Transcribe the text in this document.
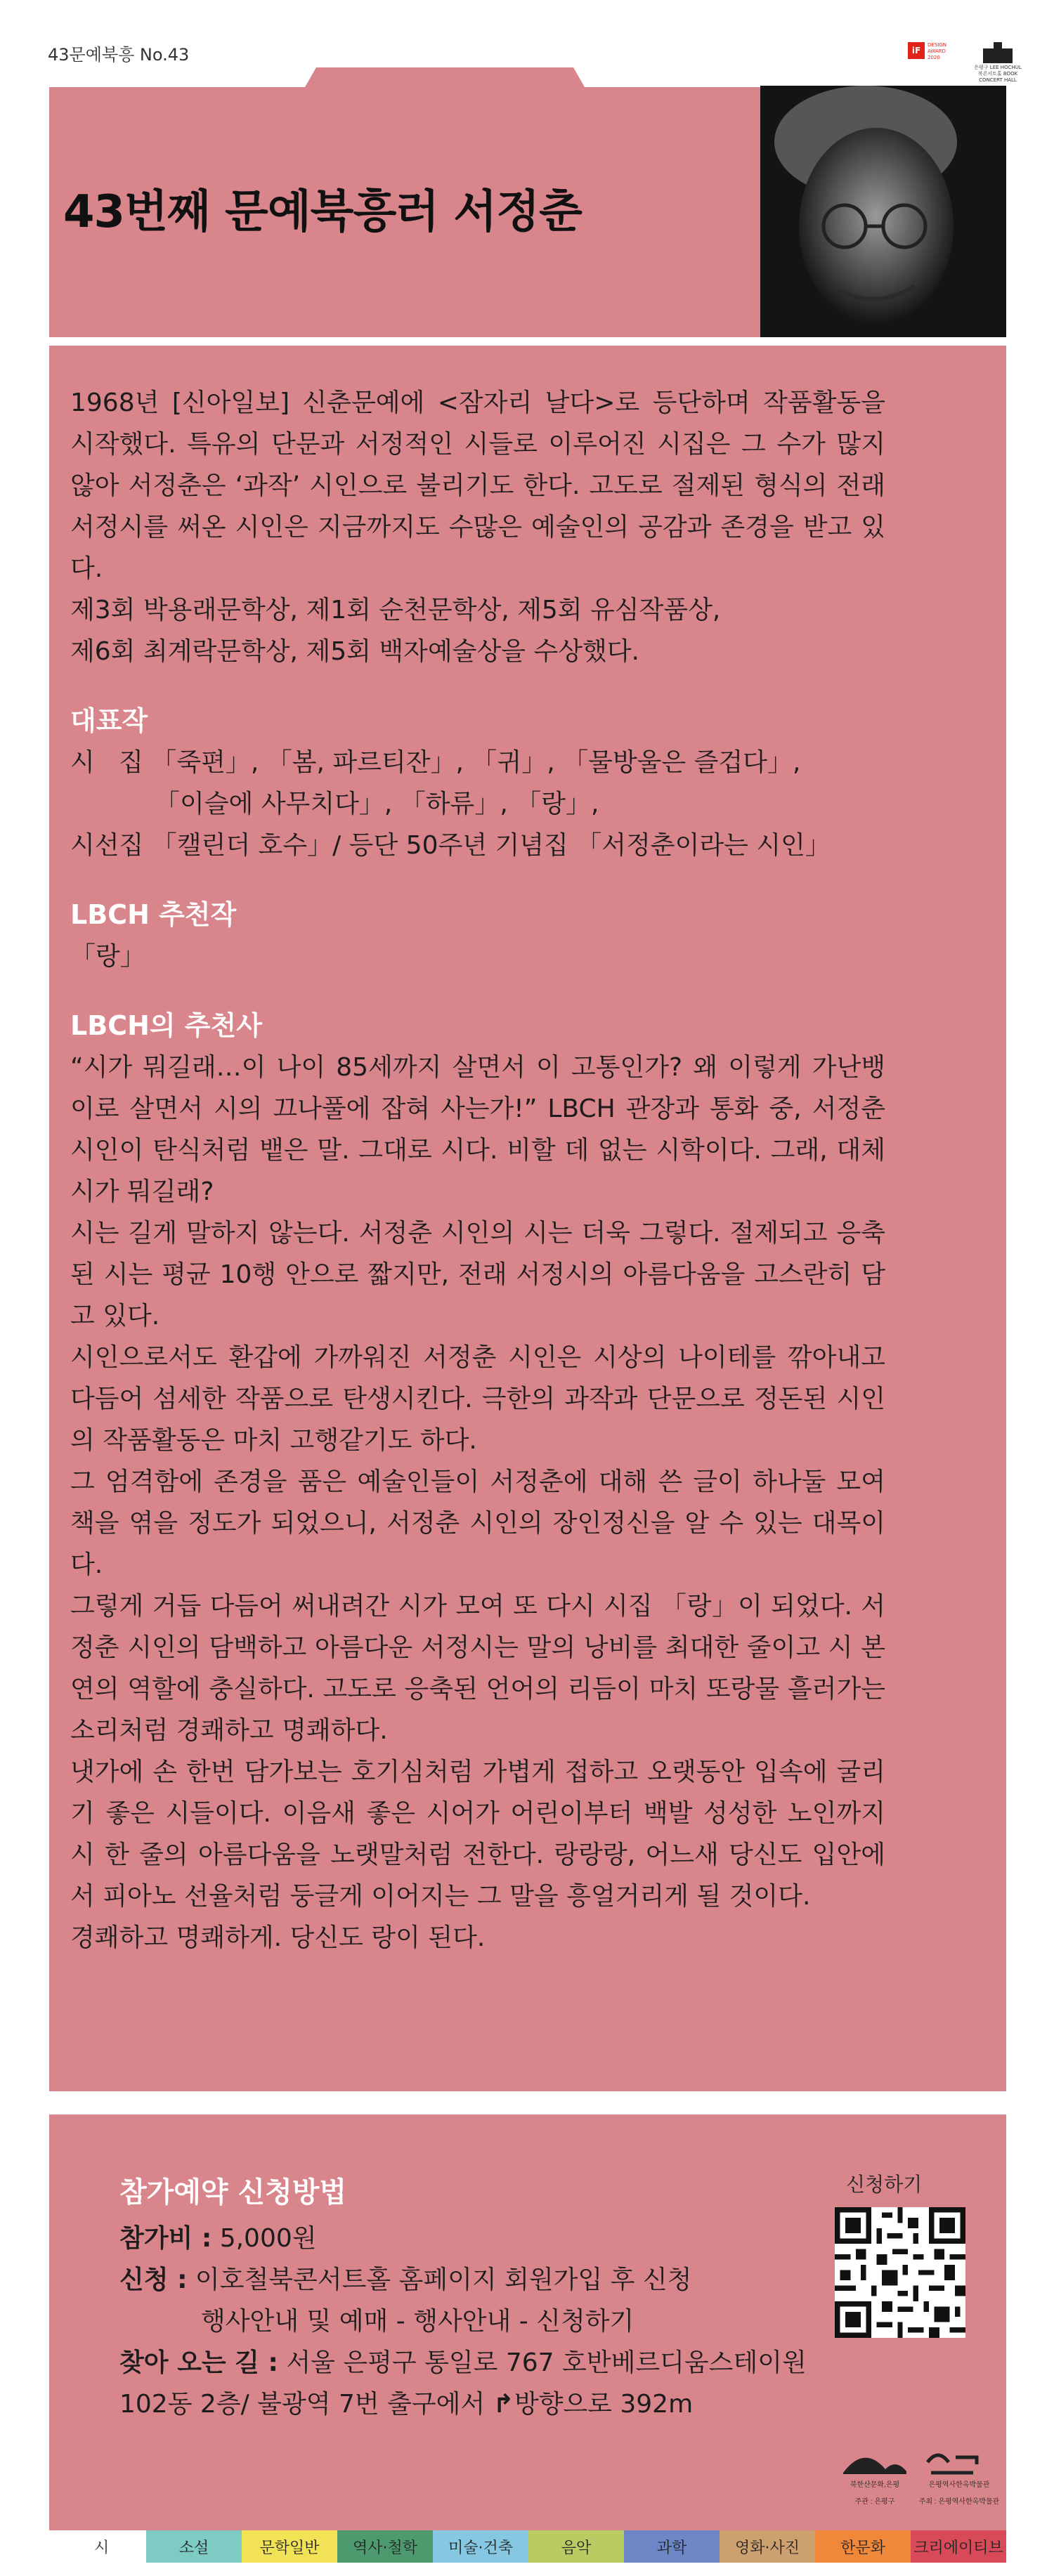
43문예북흥 No.43	iF
DESIGN
AWARD
2020
은평구 LEE HOCHUL
북콘서트홀 BOOK CONCERT HALL
43번째 문예북흥러 서정춘

1968년 [신아일보] 신춘문예에 <잠자리 날다>로 등단하며 작품활동을 시작했다. 특유의 단문과 서정적인 시들로 이루어진 시집은 그 수가 많지 않아 서정춘은 ‘과작’ 시인으로 불리기도 한다. 고도로 절제된 형식의 전래 서정시를 써온 시인은 지금까지도 수많은 예술인의 공감과 존경을 받고 있다.

제3회 박용래문학상, 제1회 순천문학상, 제5회 유심작품상,

제6회 최계락문학상, 제5회 백자예술상을 수상했다.

대표작

시   집 「죽편」, 「봄, 파르티잔」, 「귀」, 「물방울은 즐겁다」,

「이슬에 사무치다」, 「하류」, 「랑」,

시선집 「캘린더 호수」/ 등단 50주년 기념집 「서정춘이라는 시인」

LBCH 추천작

「랑」

LBCH의 추천사

“시가 뭐길래…이 나이 85세까지 살면서 이 고통인가? 왜 이렇게 가난뱅이로 살면서 시의 끄나풀에 잡혀 사는가!” LBCH 관장과 통화 중, 서정춘 시인이 탄식처럼 뱉은 말. 그대로 시다. 비할 데 없는 시학이다. 그래, 대체 시가 뭐길래?

시는 길게 말하지 않는다. 서정춘 시인의 시는 더욱 그렇다. 절제되고 응축된 시는 평균 10행 안으로 짧지만, 전래 서정시의 아름다움을 고스란히 담고 있다.

시인으로서도 환갑에 가까워진 서정춘 시인은 시상의 나이테를 깎아내고 다듬어 섬세한 작품으로 탄생시킨다. 극한의 과작과 단문으로 정돈된 시인의 작품활동은 마치 고행같기도 하다.

그 엄격함에 존경을 품은 예술인들이 서정춘에 대해 쓴 글이 하나둘 모여 책을 엮을 정도가 되었으니, 서정춘 시인의 장인정신을 알 수 있는 대목이다.

그렇게 거듭 다듬어 써내려간 시가 모여 또 다시 시집 「랑」이 되었다. 서정춘 시인의 담백하고 아름다운 서정시는 말의 낭비를 최대한 줄이고 시 본연의 역할에 충실하다. 고도로 응축된 언어의 리듬이 마치 또랑물 흘러가는 소리처럼 경쾌하고 명쾌하다.

냇가에 손 한번 담가보는 호기심처럼 가볍게 접하고 오랫동안 입속에 굴리기 좋은 시들이다. 이음새 좋은 시어가 어린이부터 백발 성성한 노인까지 시 한 줄의 아름다움을 노랫말처럼 전한다. 랑랑랑, 어느새 당신도 입안에서 피아노 선율처럼 둥글게 이어지는 그 말을 흥얼거리게 될 것이다.

경쾌하고 명쾌하게. 당신도 랑이 된다.

참가예약 신청방법

참가비 : 5,000원

신청 : 이호철북콘서트홀 홈페이지 회원가입 후 신청

행사안내 및 예매 - 행사안내 - 신청하기

찾아 오는 길 : 서울 은평구 통일로 767 호반베르디움스테이원

102동 2층/ 불광역 7번 출구에서 ↱방향으로 392m

신청하기
북한산문화,은평
주관 : 은평구
은평역사한옥박물관
주최 : 은평역사한옥박물관
시	소설	문학일반	역사·철학	미술·건축	음악	과학	영화·사진	한문화	크리에이티브
